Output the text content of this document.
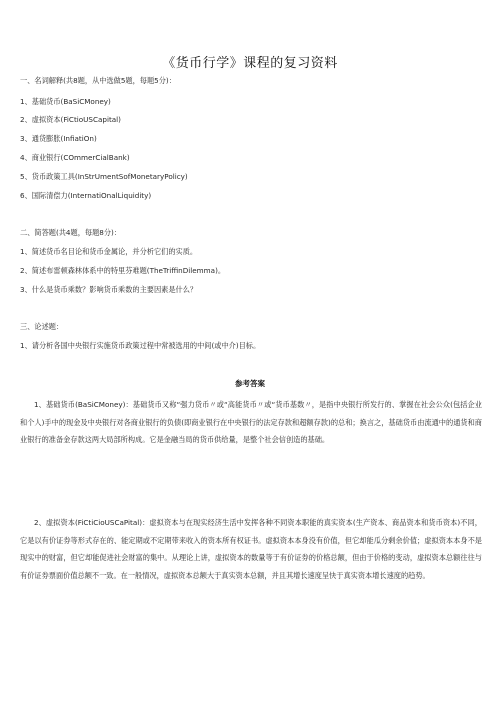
《货币行学》课程的复习资料
一、名词解释(共8题，从中选做5题，每题5分)：
1、基础货币(BaSiCMoney)
2、虚拟资本(FiCtioUSCapital)
3、通货膨胀(InfiatiOn)
4、商业银行(COmmerCialBank)
5、货币政策工具(InStrUmentSofMonetaryPolicy)
6、国际清偿力(InternatiOnalLiquidity)
二、简答题(共4题，每题8分)：
1、简述货币名目论和货币金属论，并分析它们的实质。
2、简述布雷顿森林体系中的特里芬难题(TheTriffinDilemma)。
3、什么是货币乘数？影响货币乘数的主要因素是什么？
三、论述题：
1、请分析各国中央银行实施货币政策过程中常被选用的中间(或中介)目标。
参考答案
1、基础货币(BaSiCMoney)：基础货币又称“强力货币〃或“高能货币〃或“货币基数〃，是指中央银行所发行的、掌握在社会公众(包括企业和个人)手中的现金及中央银行对各商业银行的负债(即商业银行在中央银行的法定存款和超额存款)的总和；换言之，基础货币由流通中的通货和商业银行的准备金存款这两大局部所构成。它是金融当局的货币供给量，是整个社会信创造的基础。
2、虚拟资本(FiCtiCioUSCaPital)：虚拟资本与在现实经济生活中发挥各种不同资本职能的真实资本(生产资本、商品资本和货币资本)不同，它是以有价证券等形式存在的、能定期或不定期带来收入的资本所有权证书。虚拟资本本身没有价值，但它却能瓜分剩余价值；虚拟资本本身不是现实中的财富，但它却能促进社会财富的集中。从理论上讲，虚拟资本的数量等于有价证券的价格总额，但由于价格的变动，虚拟资本总额往往与有价证券票面价值总额不一致。在一般情况，虚拟资本总额大于真实资本总额，并且其增长速度呈快于真实资本增长速度的趋势。
